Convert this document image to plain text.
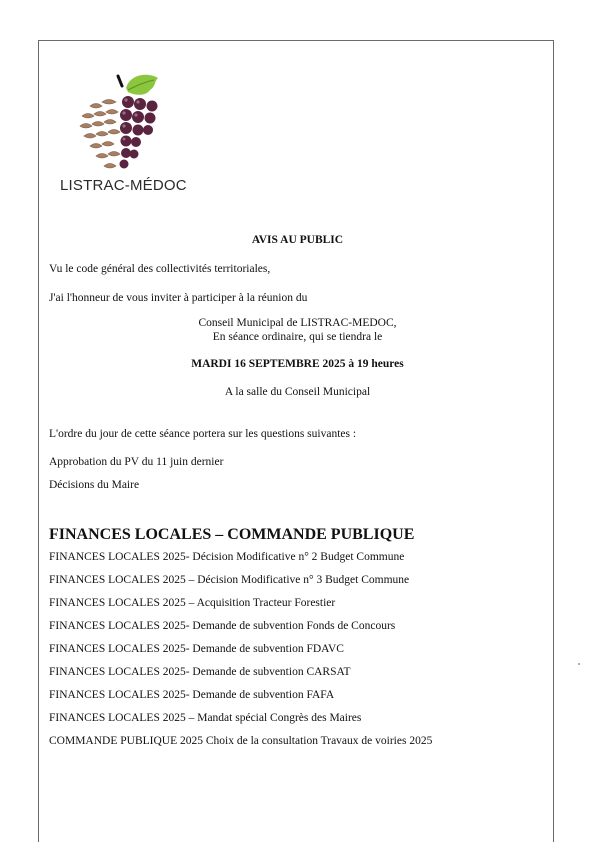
LISTRAC-MÉDOC
AVIS AU PUBLIC
Vu le code général des collectivités territoriales,
J'ai l'honneur de vous inviter à participer à la réunion du
Conseil Municipal de LISTRAC-MEDOC,
En séance ordinaire, qui se tiendra le
MARDI 16 SEPTEMBRE 2025 à 19 heures
A la salle du Conseil Municipal
L'ordre du jour de cette séance portera sur les questions suivantes :
Approbation du PV du 11 juin dernier
Décisions du Maire
FINANCES LOCALES – COMMANDE PUBLIQUE
FINANCES LOCALES 2025- Décision Modificative n° 2 Budget Commune
FINANCES LOCALES 2025 – Décision Modificative n° 3 Budget Commune
FINANCES LOCALES 2025 – Acquisition Tracteur Forestier
FINANCES LOCALES 2025- Demande de subvention Fonds de Concours
FINANCES LOCALES 2025- Demande de subvention FDAVC
FINANCES LOCALES 2025- Demande de subvention CARSAT
FINANCES LOCALES 2025- Demande de subvention FAFA
FINANCES LOCALES 2025 – Mandat spécial Congrès des Maires
COMMANDE PUBLIQUE 2025 Choix de la consultation Travaux de voiries 2025
